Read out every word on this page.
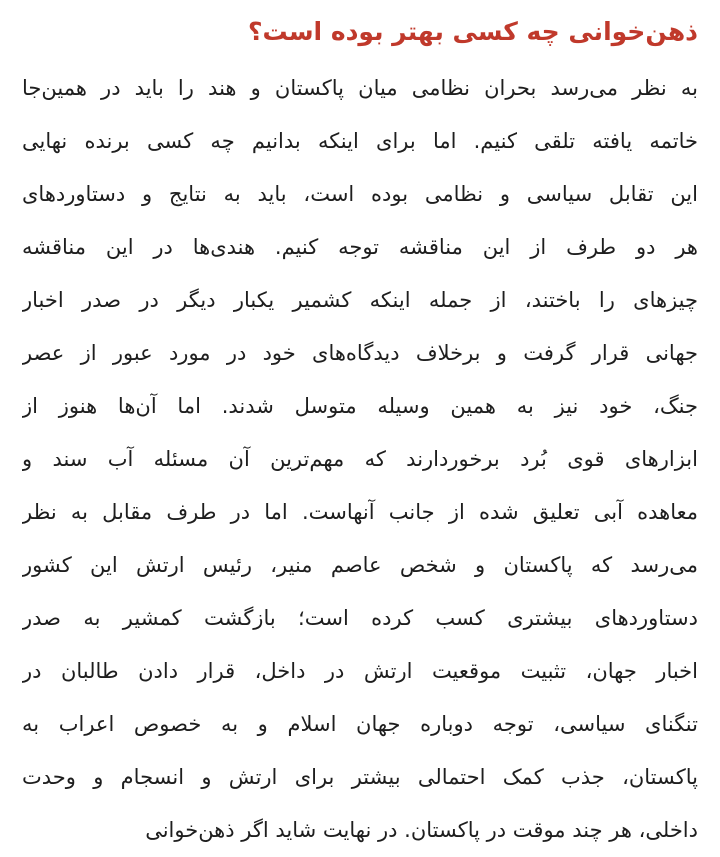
ذهن‌خوانی چه کسی بهتر بوده است؟

به نظر می‌رسد بحران نظامی میان پاکستان و هند را باید در همین‌جا
خاتمه یافته تلقی کنیم. اما برای اینکه بدانیم چه کسی برنده نهایی
این تقابل سیاسی و نظامی بوده است، باید به نتایج و دستاوردهای
هر دو طرف از این مناقشه توجه کنیم. هندی‌ها در این مناقشه
چیزهای را باختند، از جمله اینکه کشمیر یکبار دیگر در صدر اخبار
جهانی قرار گرفت و برخلاف دیدگاه‌های خود در مورد عبور از عصر
جنگ، خود نیز به همین وسیله متوسل شدند. اما آن‌ها هنوز از
ابزارهای قوی بُرد برخوردارند که مهم‌ترین آن مسئله آب سند و
معاهده آبی تعلیق شده از جانب آنهاست. اما در طرف مقابل به نظر
می‌رسد که پاکستان و شخص عاصم منیر، رئیس ارتش این کشور
دستاوردهای بیشتری کسب کرده است؛ بازگشت کمشیر به صدر
اخبار جهان، تثبیت موقعیت ارتش در داخل، قرار دادن طالبان در
تنگنای سیاسی، توجه دوباره جهان اسلام و به خصوص اعراب به
پاکستان، جذب کمک احتمالی بیشتر برای ارتش و انسجام و وحدت
داخلی، هر چند موقت در پاکستان. در نهایت شاید اگر ذهن‌خوانی
